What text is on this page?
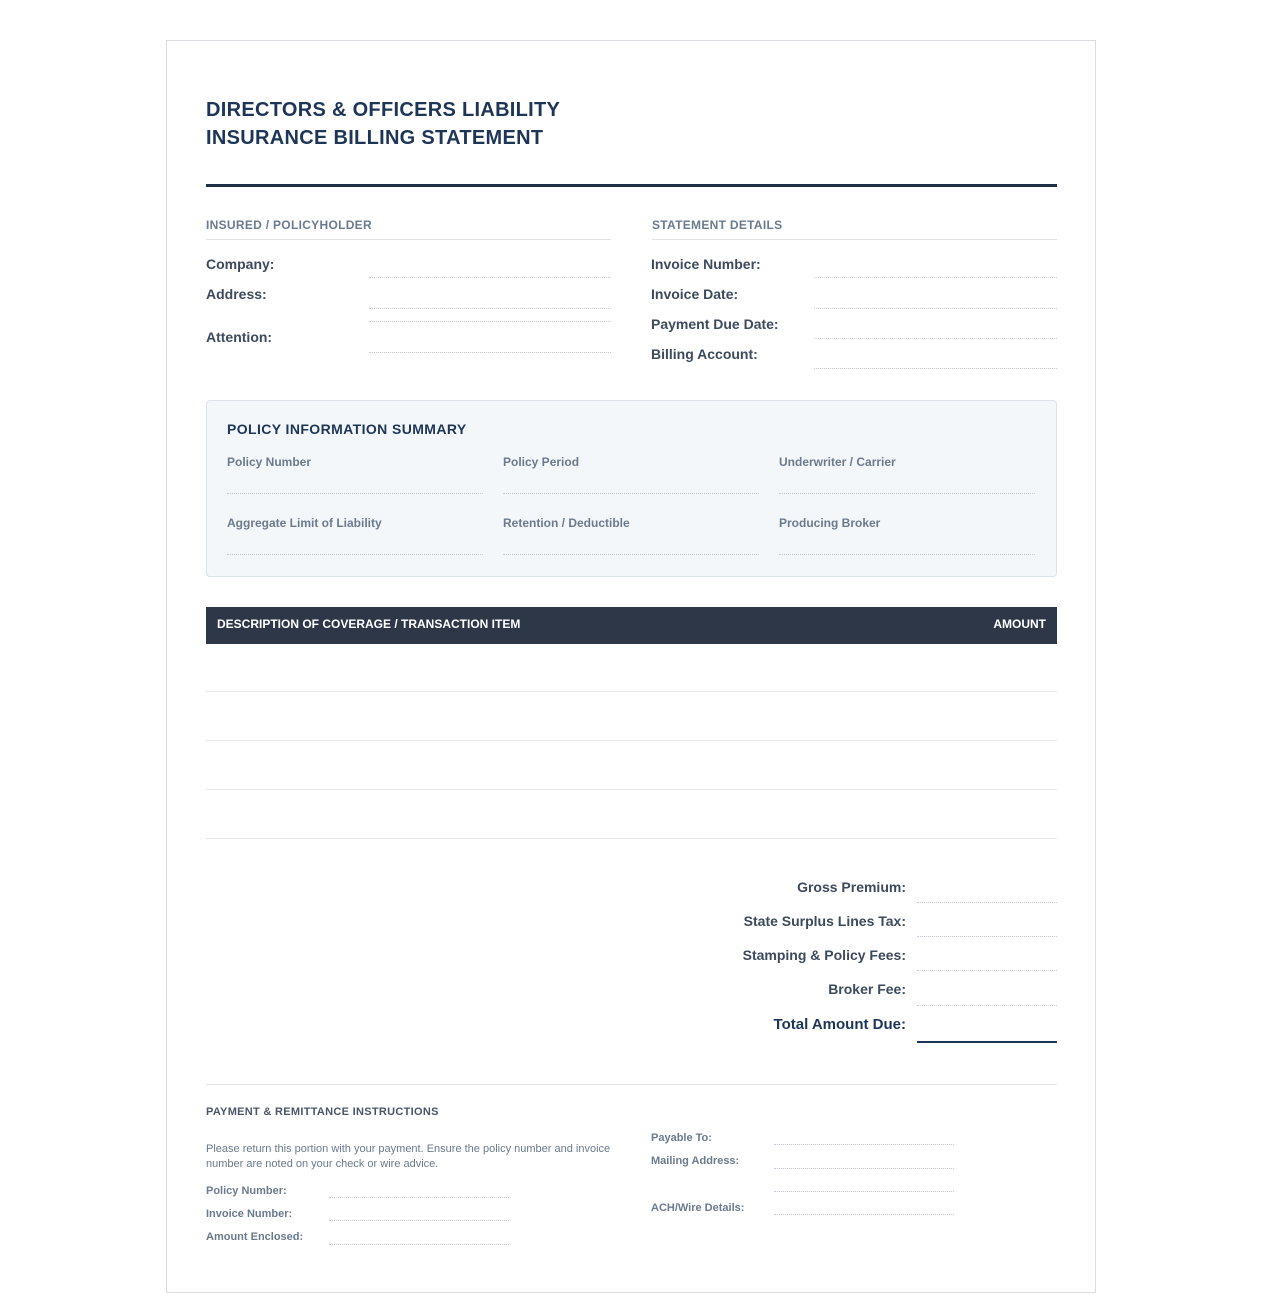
DIRECTORS & OFFICERS LIABILITY
INSURANCE BILLING STATEMENT
INSURED / POLICYHOLDER
Company:
Address:
Attention:
STATEMENT DETAILS
Invoice Number:
Invoice Date:
Payment Due Date:
Billing Account:
POLICY INFORMATION SUMMARY
Policy Number	Policy Period	Underwriter / Carrier
Aggregate Limit of Liability	Retention / Deductible	Producing Broker
DESCRIPTION OF COVERAGE / TRANSACTION ITEM	AMOUNT
Gross Premium:
State Surplus Lines Tax:
Stamping & Policy Fees:
Broker Fee:
Total Amount Due:
PAYMENT & REMITTANCE INSTRUCTIONS
Please return this portion with your payment. Ensure the policy number and invoice number are noted on your check or wire advice.
Policy Number:
Invoice Number:
Amount Enclosed:
Payable To:
Mailing Address:
ACH/Wire Details:
